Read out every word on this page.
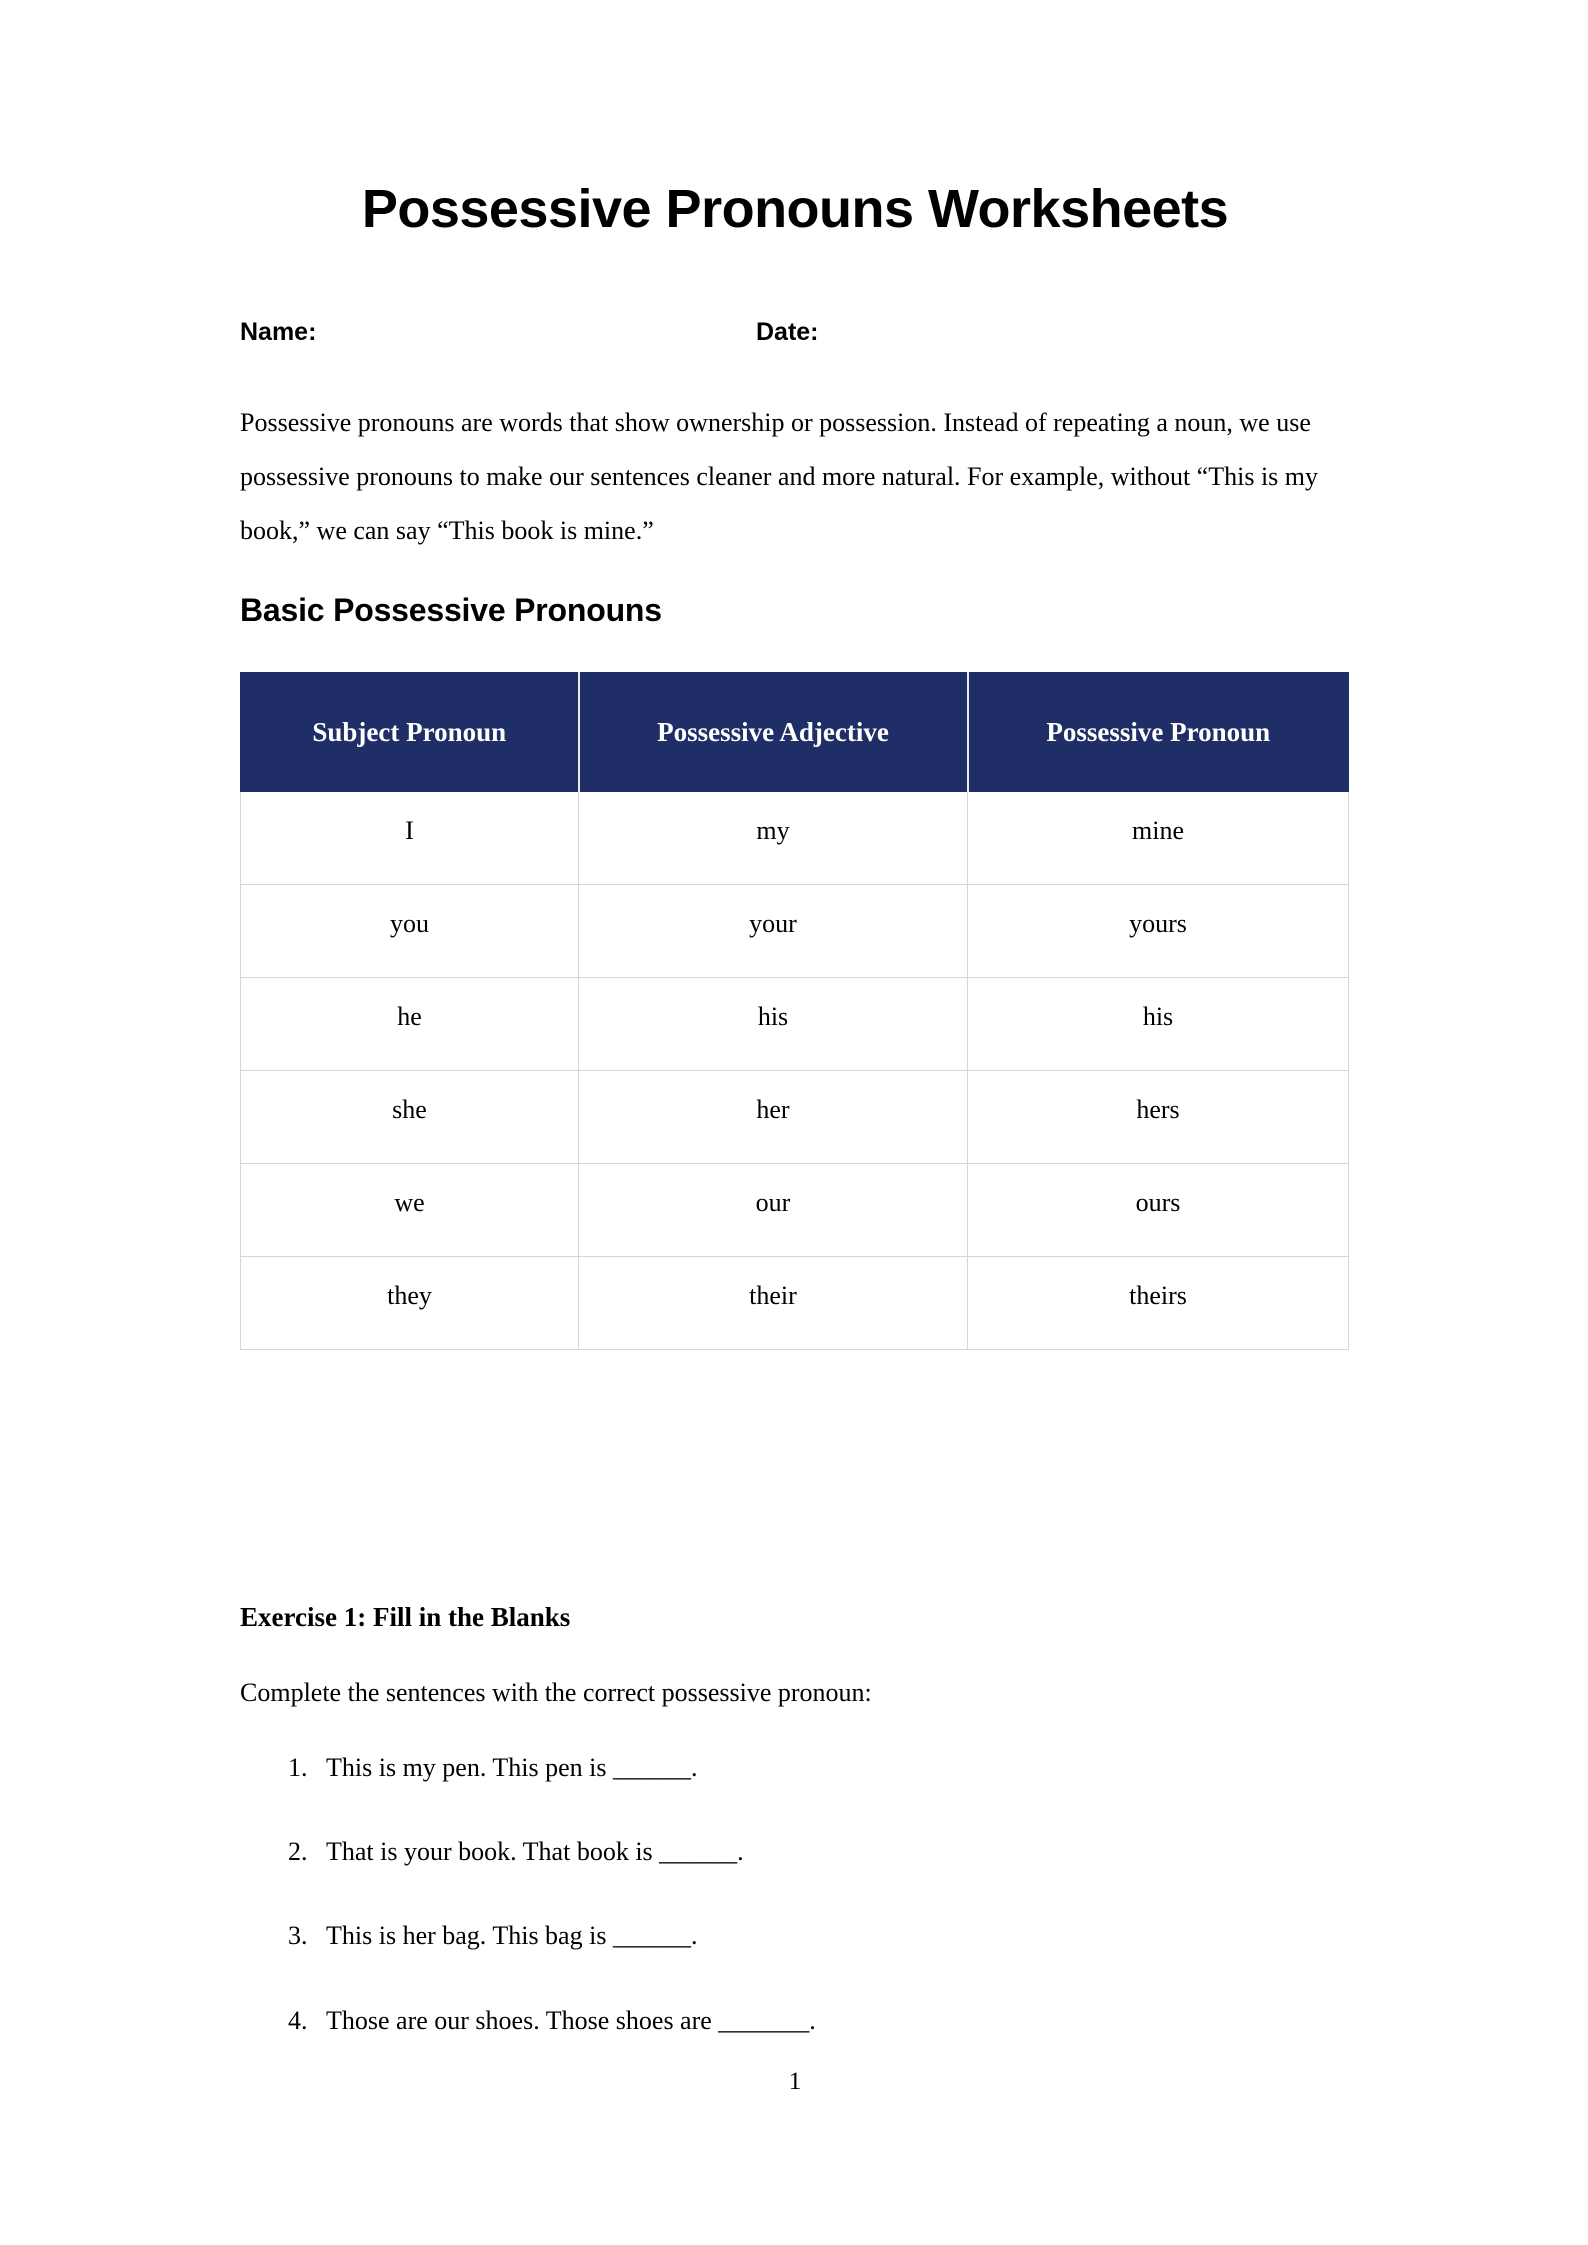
Possessive Pronouns Worksheets
Name:	Date:

Possessive pronouns are words that show ownership or possession. Instead of repeating a noun, we use possessive pronouns to make our sentences cleaner and more natural. For example, without “This is my book,” we can say “This book is mine.”

Basic Possessive Pronouns
Subject Pronoun	Possessive Adjective	Possessive Pronoun
I	my	mine
you	your	yours
he	his	his
she	her	hers
we	our	ours
they	their	theirs
Exercise 1: Fill in the Blanks

Complete the sentences with the correct possessive pronoun:

1. This is my pen. This pen is ______.
2. That is your book. That book is ______.
3. This is her bag. This bag is ______.
4. Those are our shoes. Those shoes are _______.
1
